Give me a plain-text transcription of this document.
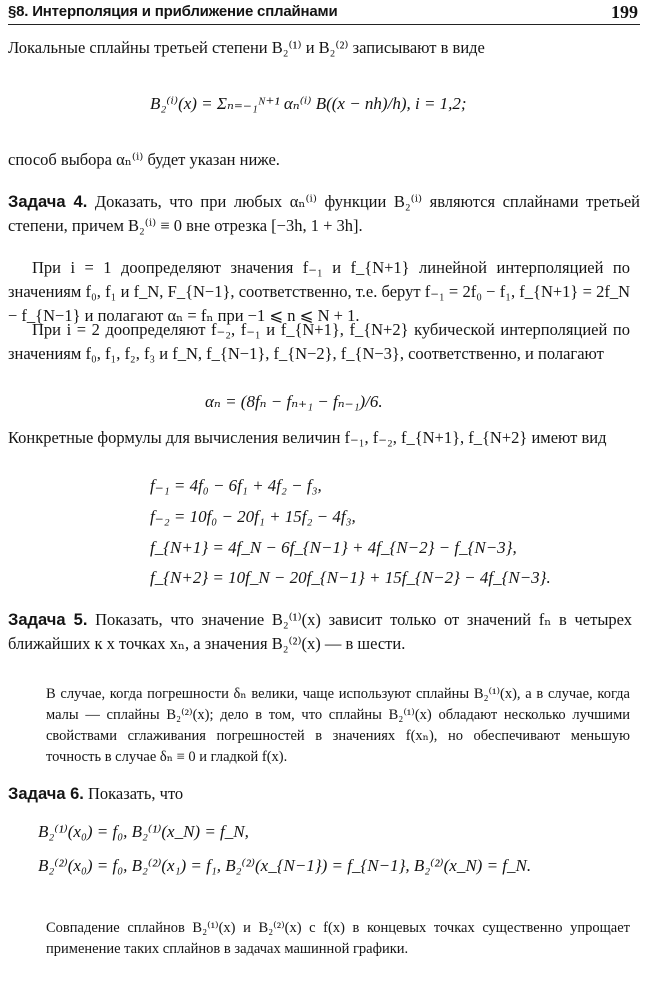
§8. Интерполяция и приближение сплайнами	199
Локальные сплайны третьей степени B₂⁽¹⁾ и B₂⁽²⁾ записывают в виде
B₂⁽ⁱ⁾(x) = Σₙ₌₋₁ᴺ⁺¹ αₙ⁽ⁱ⁾ B((x − nh)/h), i = 1,2;
способ выбора αₙ⁽ⁱ⁾ будет указан ниже.
Задача 4. Доказать, что при любых αₙ⁽ⁱ⁾ функции B₂⁽ⁱ⁾ являются сплайнами третьей степени, причем B₂⁽ⁱ⁾ ≡ 0 вне отрезка [−3h, 1 + 3h].
При i = 1 доопределяют значения f₋₁ и f_{N+1} линейной интерполяцией по значениям f₀, f₁ и f_N, F_{N−1}, соответственно, т.е. берут f₋₁ = 2f₀ − f₁, f_{N+1} = 2f_N − f_{N−1} и полагают αₙ = fₙ при −1 ⩽ n ⩽ N + 1.
При i = 2 доопределяют f₋₂, f₋₁ и f_{N+1}, f_{N+2} кубической интерполяцией по значениям f₀, f₁, f₂, f₃ и f_N, f_{N−1}, f_{N−2}, f_{N−3}, соответственно, и полагают
αₙ = (8fₙ − fₙ₊₁ − fₙ₋₁)/6.
Конкретные формулы для вычисления величин f₋₁, f₋₂, f_{N+1}, f_{N+2} имеют вид
f₋₁ = 4f₀ − 6f₁ + 4f₂ − f₃,
f₋₂ = 10f₀ − 20f₁ + 15f₂ − 4f₃,
f_{N+1} = 4f_N − 6f_{N−1} + 4f_{N−2} − f_{N−3},
f_{N+2} = 10f_N − 20f_{N−1} + 15f_{N−2} − 4f_{N−3}.
Задача 5. Показать, что значение B₂⁽¹⁾(x) зависит только от значений fₙ в четырех ближайших к x точках xₙ, а значения B₂⁽²⁾(x) — в шести.
В случае, когда погрешности δₙ велики, чаще используют сплайны B₂⁽¹⁾(x), а в случае, когда малы — сплайны B₂⁽²⁾(x); дело в том, что сплайны B₂⁽¹⁾(x) обладают несколько лучшими свойствами сглаживания погрешностей в значениях f(xₙ), но обеспечивают меньшую точность в случае δₙ ≡ 0 и гладкой f(x).
Задача 6. Показать, что
B₂⁽¹⁾(x₀) = f₀, B₂⁽¹⁾(x_N) = f_N,
B₂⁽²⁾(x₀) = f₀, B₂⁽²⁾(x₁) = f₁, B₂⁽²⁾(x_{N−1}) = f_{N−1}, B₂⁽²⁾(x_N) = f_N.
Совпадение сплайнов B₂⁽¹⁾(x) и B₂⁽²⁾(x) с f(x) в концевых точках существенно упрощает применение таких сплайнов в задачах машинной графики.
